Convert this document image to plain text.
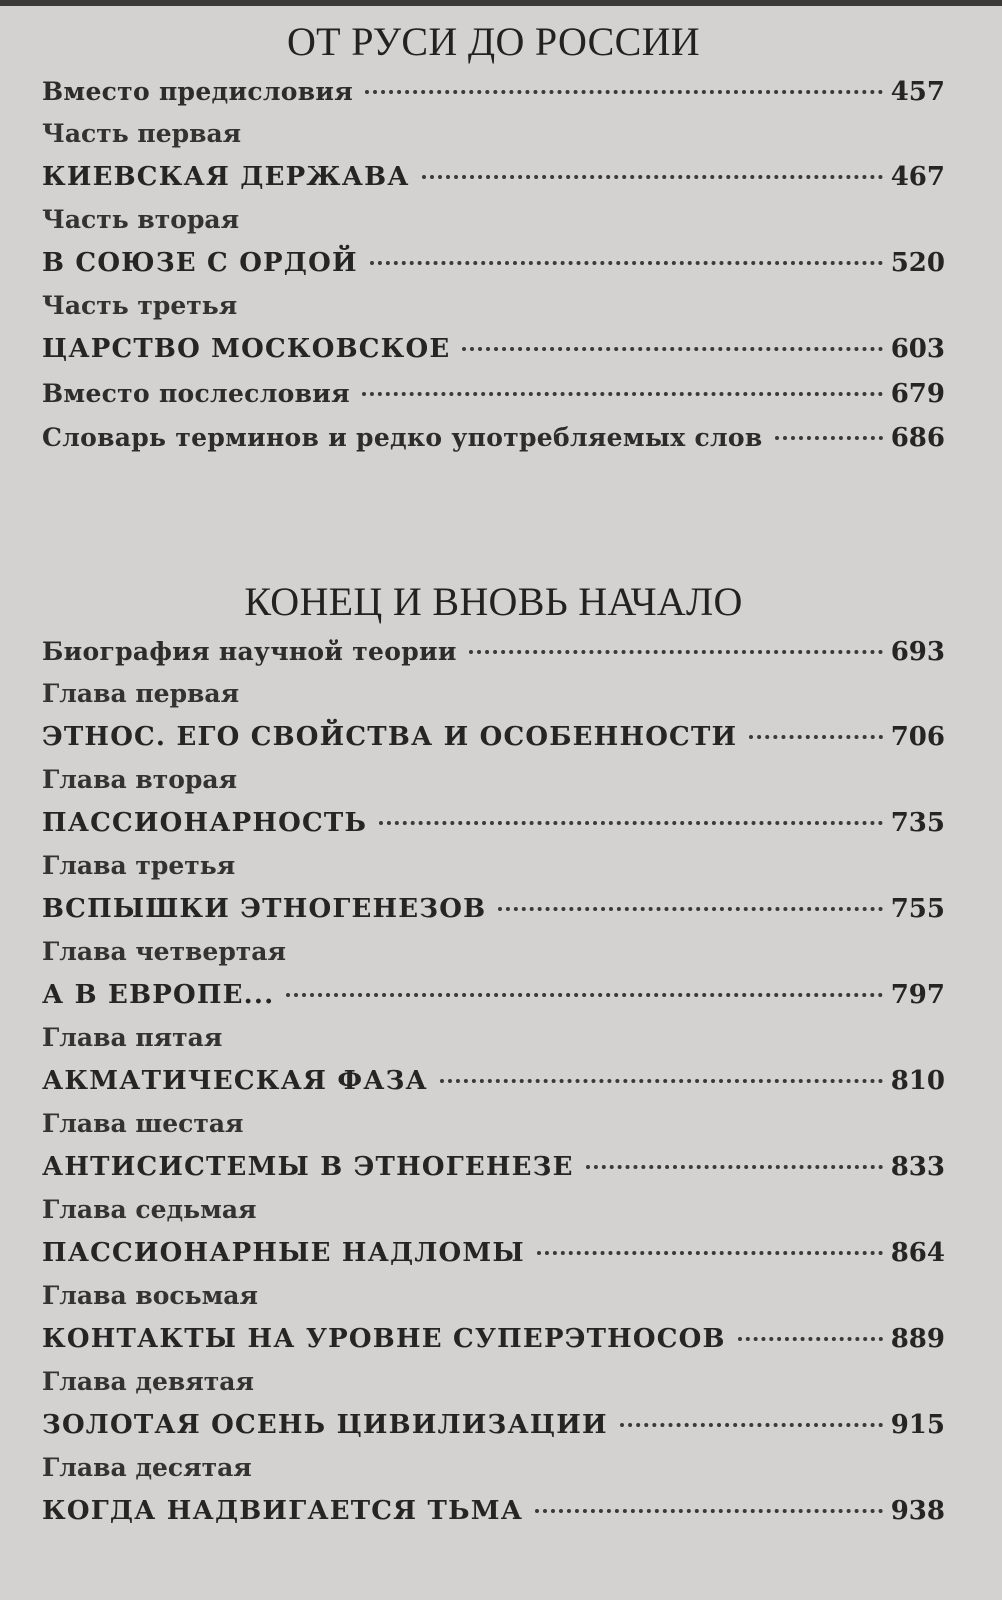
ОТ РУСИ ДО РОССИИ
Вместо предисловия	457
Часть первая
КИЕВСКАЯ ДЕРЖАВА	467
Часть вторая
В СОЮЗЕ С ОРДОЙ	520
Часть третья
ЦАРСТВО МОСКОВСКОЕ	603
Вместо послесловия	679
Словарь терминов и редко употребляемых слов	686
КОНЕЦ И ВНОВЬ НАЧАЛО
Биография научной теории	693
Глава первая
ЭТНОС. ЕГО СВОЙСТВА И ОСОБЕННОСТИ	706
Глава вторая
ПАССИОНАРНОСТЬ	735
Глава третья
ВСПЫШКИ ЭТНОГЕНЕЗОВ	755
Глава четвертая
А В ЕВРОПЕ...	797
Глава пятая
АКМАТИЧЕСКАЯ ФАЗА	810
Глава шестая
АНТИСИСТЕМЫ В ЭТНОГЕНЕЗЕ	833
Глава седьмая
ПАССИОНАРНЫЕ НАДЛОМЫ	864
Глава восьмая
КОНТАКТЫ НА УРОВНЕ СУПЕРЭТНОСОВ	889
Глава девятая
ЗОЛОТАЯ ОСЕНЬ ЦИВИЛИЗАЦИИ	915
Глава десятая
КОГДА НАДВИГАЕТСЯ ТЬМА	938
